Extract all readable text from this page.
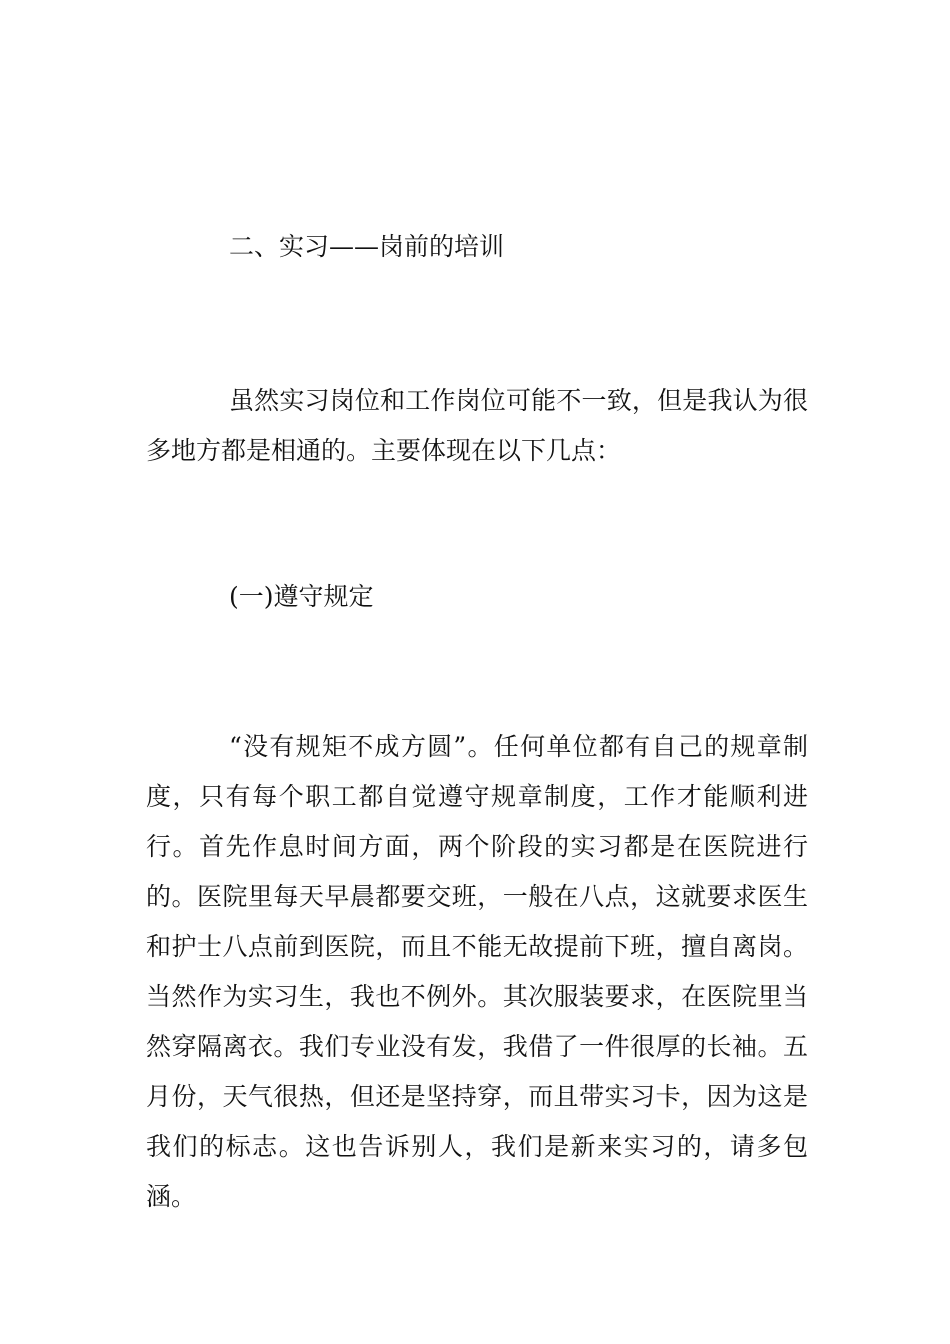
二、实习——岗前的培训

虽然实习岗位和工作岗位可能不一致，但是我认为很多地方都是相通的。主要体现在以下几点：

(一)遵守规定

“没有规矩不成方圆”。任何单位都有自己的规章制度，只有每个职工都自觉遵守规章制度，工作才能顺利进行。首先作息时间方面，两个阶段的实习都是在医院进行的。医院里每天早晨都要交班，一般在八点，这就要求医生和护士八点前到医院，而且不能无故提前下班，擅自离岗。当然作为实习生，我也不例外。其次服装要求，在医院里当然穿隔离衣。我们专业没有发，我借了一件很厚的长袖。五月份，天气很热，但还是坚持穿，而且带实习卡，因为这是我们的标志。这也告诉别人，我们是新来实习的，请多包涵。
